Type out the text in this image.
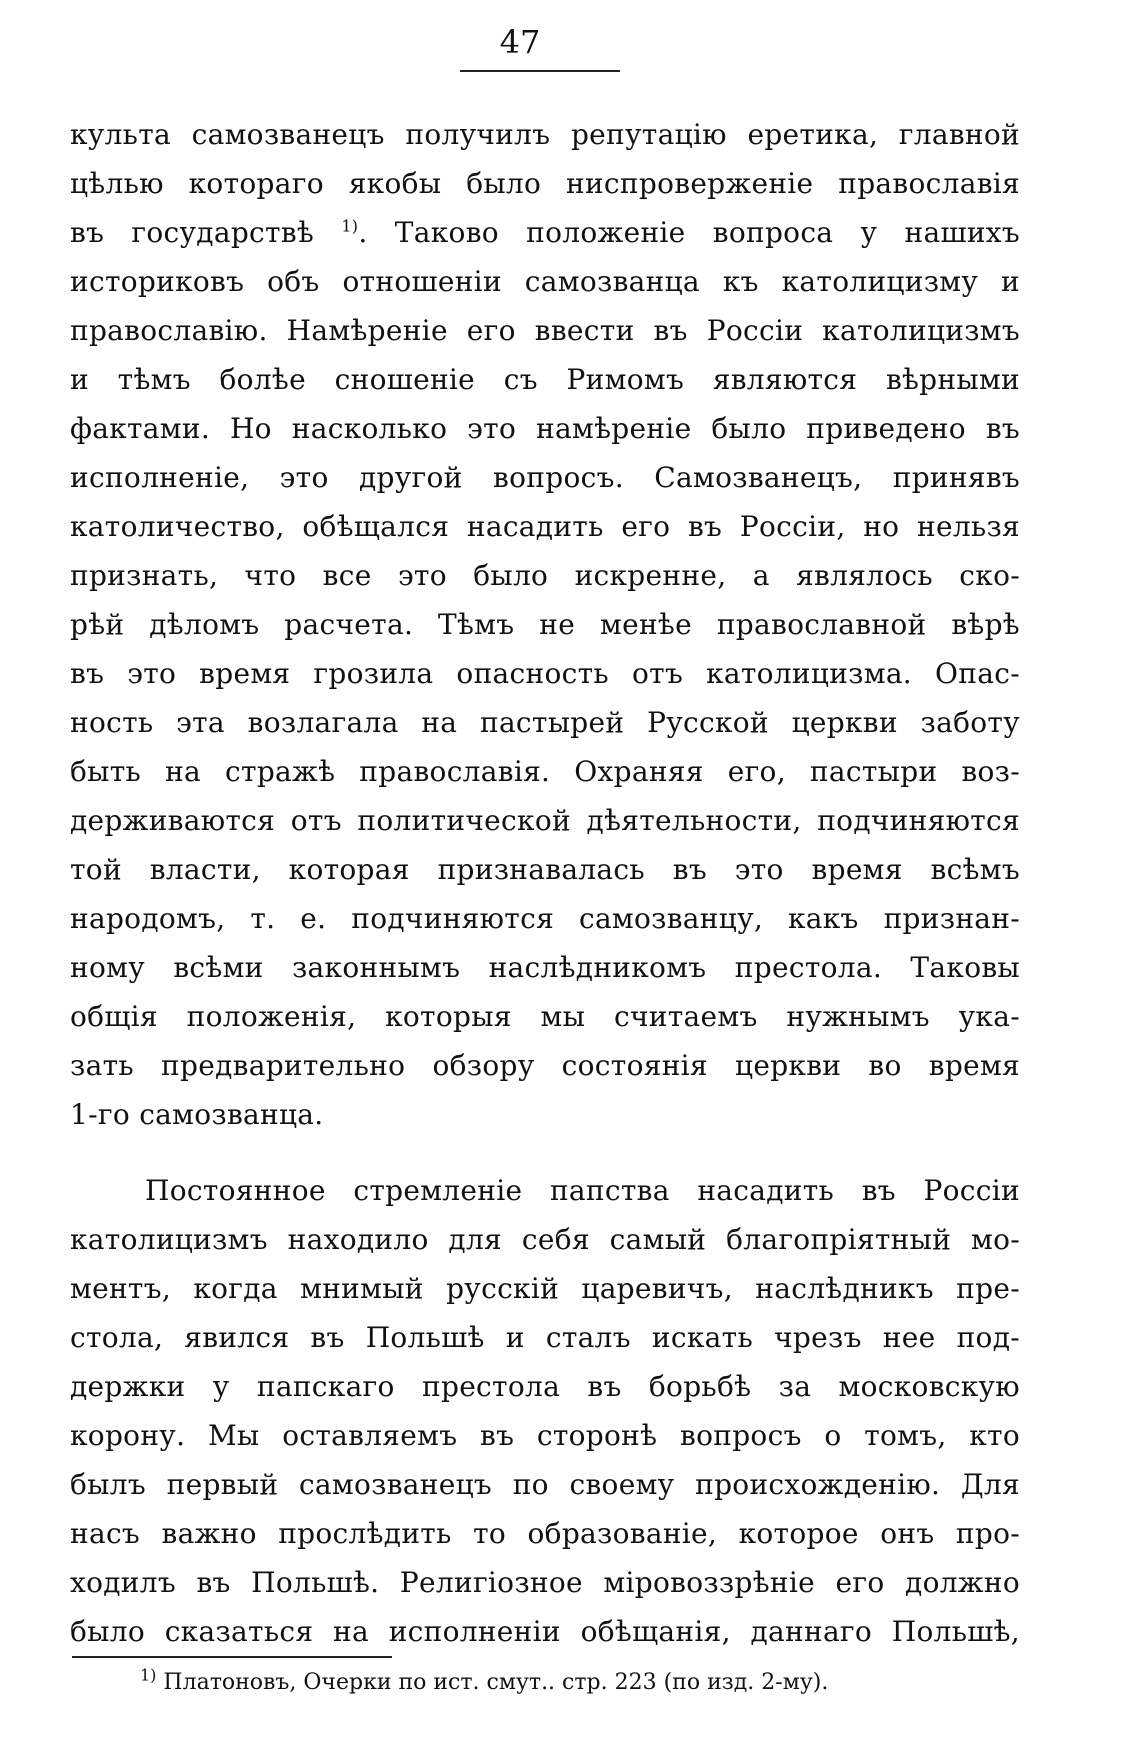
47
культа самозванецъ получилъ репутацію еретика, главной
цѣлью котораго якобы было ниспроверженіе православія
въ государствѣ $^{1)}$. Таково положеніе вопроса у нашихъ
историковъ объ отношеніи самозванца къ католицизму и
православію. Намѣреніе его ввести въ Россіи католицизмъ
и тѣмъ болѣе сношеніе съ Римомъ являются вѣрными
фактами. Но насколько это намѣреніе было приведено въ
исполненіе, это другой вопросъ. Самозванецъ, принявъ
католичество, обѣщался насадить его въ Россіи, но нельзя
признать, что все это было искренне, а являлось ско-
рѣй дѣломъ расчета. Тѣмъ не менѣе православной вѣрѣ
въ это время грозила опасность отъ католицизма. Опас-
ность эта возлагала на пастырей Русской церкви заботу
быть на стражѣ православія. Охраняя его, пастыри воз-
держиваются отъ политической дѣятельности, подчиняются
той власти, которая признавалась въ это время всѣмъ
народомъ, т. е. подчиняются самозванцу, какъ признан-
ному всѣми законнымъ наслѣдникомъ престола. Таковы
общія положенія, которыя мы считаемъ нужнымъ ука-
зать предварительно обзору состоянія церкви во время
1-го самозванца.
Постоянное стремленіе папства насадить въ Россіи
католицизмъ находило для себя самый благопріятный мо-
ментъ, когда мнимый русскій царевичъ, наслѣдникъ пре-
стола, явился въ Польшѣ и сталъ искать чрезъ нее под-
держки у папскаго престола въ борьбѣ за московскую
корону. Мы оставляемъ въ сторонѣ вопросъ о томъ, кто
былъ первый самозванецъ по своему происхожденію. Для
насъ важно прослѣдить то образованіе, которое онъ про-
ходилъ въ Польшѣ. Религіозное міровоззрѣніе его должно
было сказаться на исполненіи обѣщанія, даннаго Польшѣ,
$^{1)}$ Платоновъ, Очерки по ист. смут.. стр. 223 (по изд. 2-му).
